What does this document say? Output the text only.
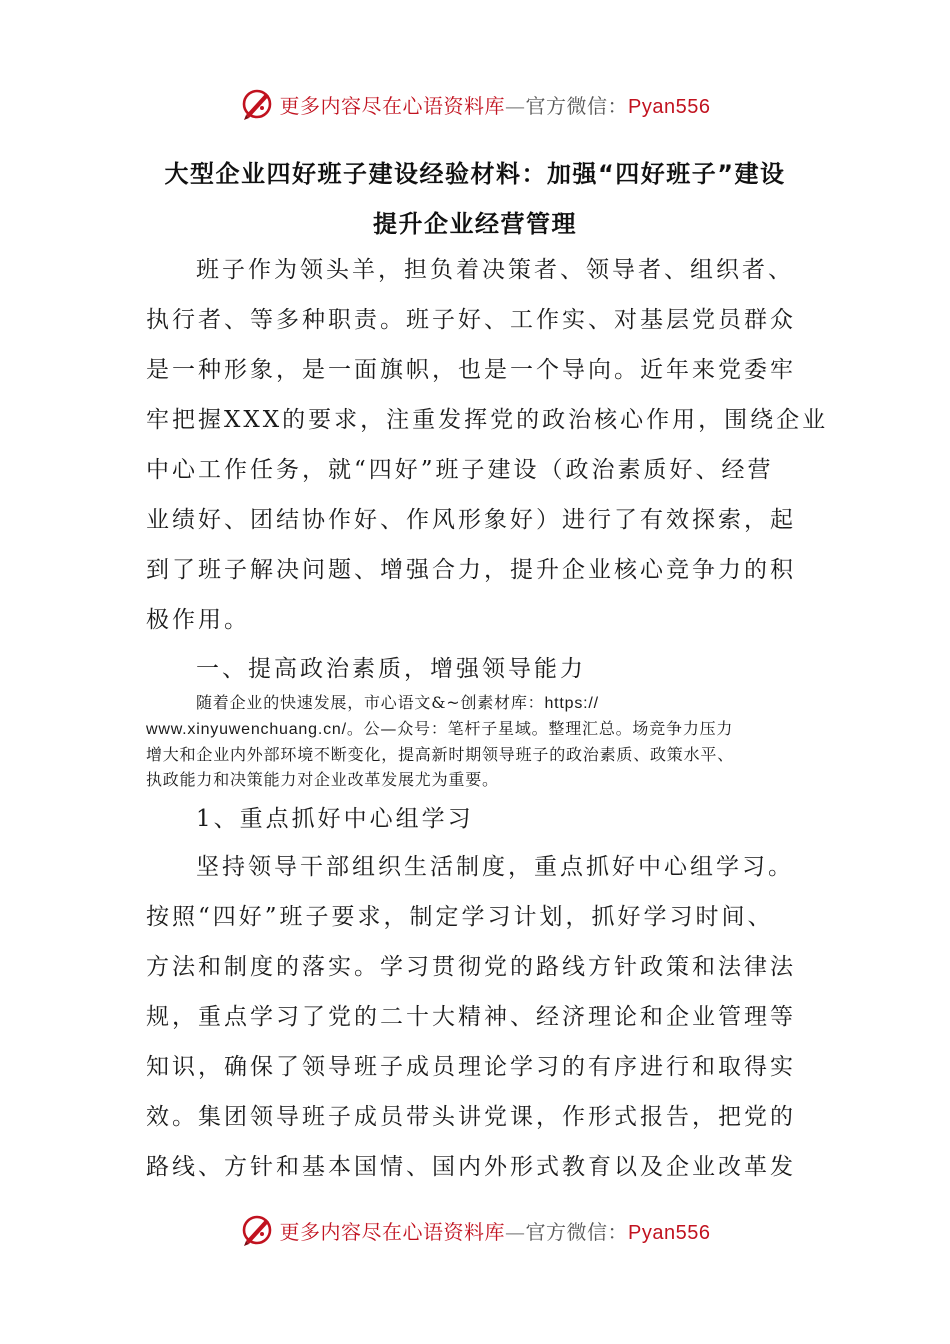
更多内容尽在心语资料库—官方微信：Pyan556
大型企业四好班子建设经验材料：加强“四好班子”建设
提升企业经营管理
班子作为领头羊，担负着决策者、领导者、组织者、
执行者、等多种职责。班子好、工作实、对基层党员群众
是一种形象，是一面旗帜，也是一个导向。近年来党委牢
牢把握XXX的要求，注重发挥党的政治核心作用，围绕企业
中心工作任务，就“四好”班子建设（政治素质好、经营
业绩好、团结协作好、作风形象好）进行了有效探索，起
到了班子解决问题、增强合力，提升企业核心竞争力的积
极作用。
一、提高政治素质，增强领导能力
随着企业的快速发展，市心语文&~创素材库：https://
www.xinyuwenchuang.cn/。公—众号：笔杆子星域。整理汇总。场竞争力压力
增大和企业内外部环境不断变化，提高新时期领导班子的政治素质、政策水平、
执政能力和决策能力对企业改革发展尤为重要。
1、重点抓好中心组学习
坚持领导干部组织生活制度，重点抓好中心组学习。
按照“四好”班子要求，制定学习计划，抓好学习时间、
方法和制度的落实。学习贯彻党的路线方针政策和法律法
规，重点学习了党的二十大精神、经济理论和企业管理等
知识，确保了领导班子成员理论学习的有序进行和取得实
效。集团领导班子成员带头讲党课，作形式报告，把党的
路线、方针和基本国情、国内外形式教育以及企业改革发
更多内容尽在心语资料库—官方微信：Pyan556
